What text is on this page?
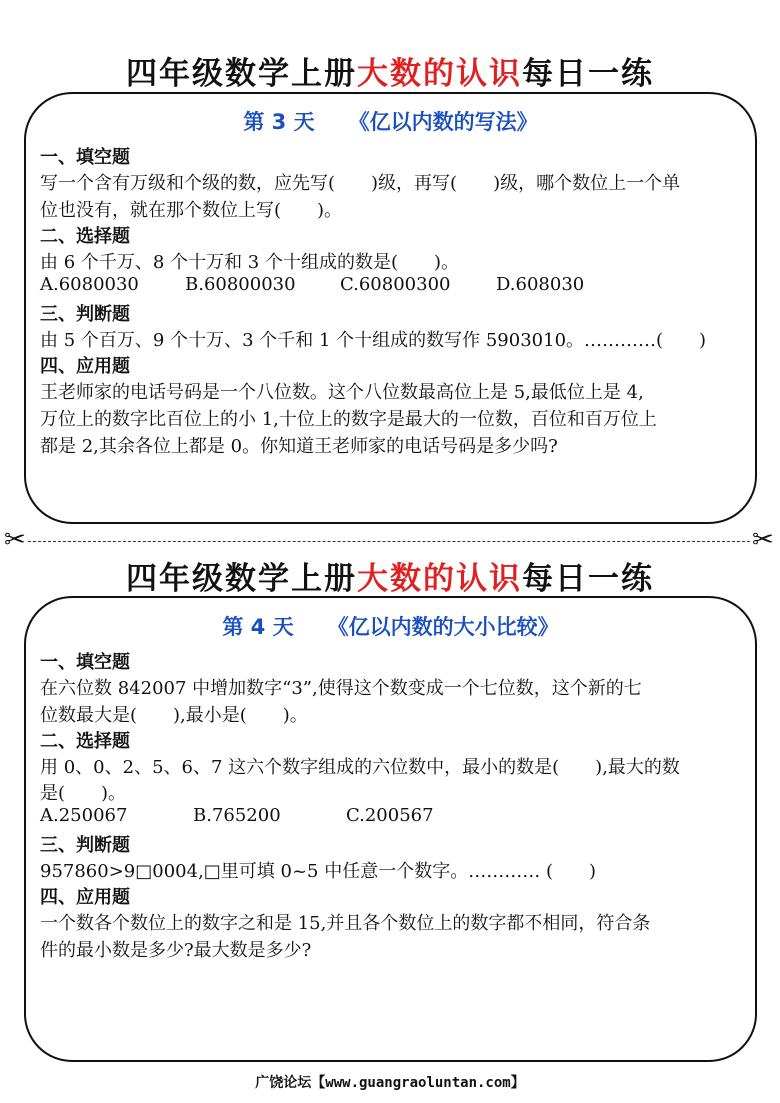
四年级数学上册大数的认识每日一练
第 3 天 《亿以内数的写法》
一、填空题
写一个含有万级和个级的数，应先写(　　)级，再写(　　)级，哪个数位上一个单
位也没有，就在那个数位上写(　　)。
二、选择题
由 6 个千万、8 个十万和 3 个十组成的数是(　　)。
A.6080030	B.60800030 C.60800300	D.608030
三、判断题
由 5 个百万、9 个十万、3 个千和 1 个十组成的数写作 5903010。…………(　　)
四、应用题
王老师家的电话号码是一个八位数。这个八位数最高位上是 5,最低位上是 4,
万位上的数字比百位上的小 1,十位上的数字是最大的一位数，百位和百万位上
都是 2,其余各位上都是 0。你知道王老师家的电话号码是多少吗?
✂	✂
四年级数学上册大数的认识每日一练
第 4 天 《亿以内数的大小比较》
一、填空题
在六位数 842007 中增加数字“3”,使得这个数变成一个七位数，这个新的七
位数最大是(　　),最小是(　　)。
二、选择题
用 0、0、2、5、6、7 这六个数字组成的六位数中，最小的数是(　　),最大的数
是(　　)。
A.250067	B.765200	C.200567
三、判断题
957860>9□0004,□里可填 0~5 中任意一个数字。………… (　　)
四、应用题
一个数各个数位上的数字之和是 15,并且各个数位上的数字都不相同，符合条
件的最小数是多少?最大数是多少?
广饶论坛【www.guangraoluntan.com】
